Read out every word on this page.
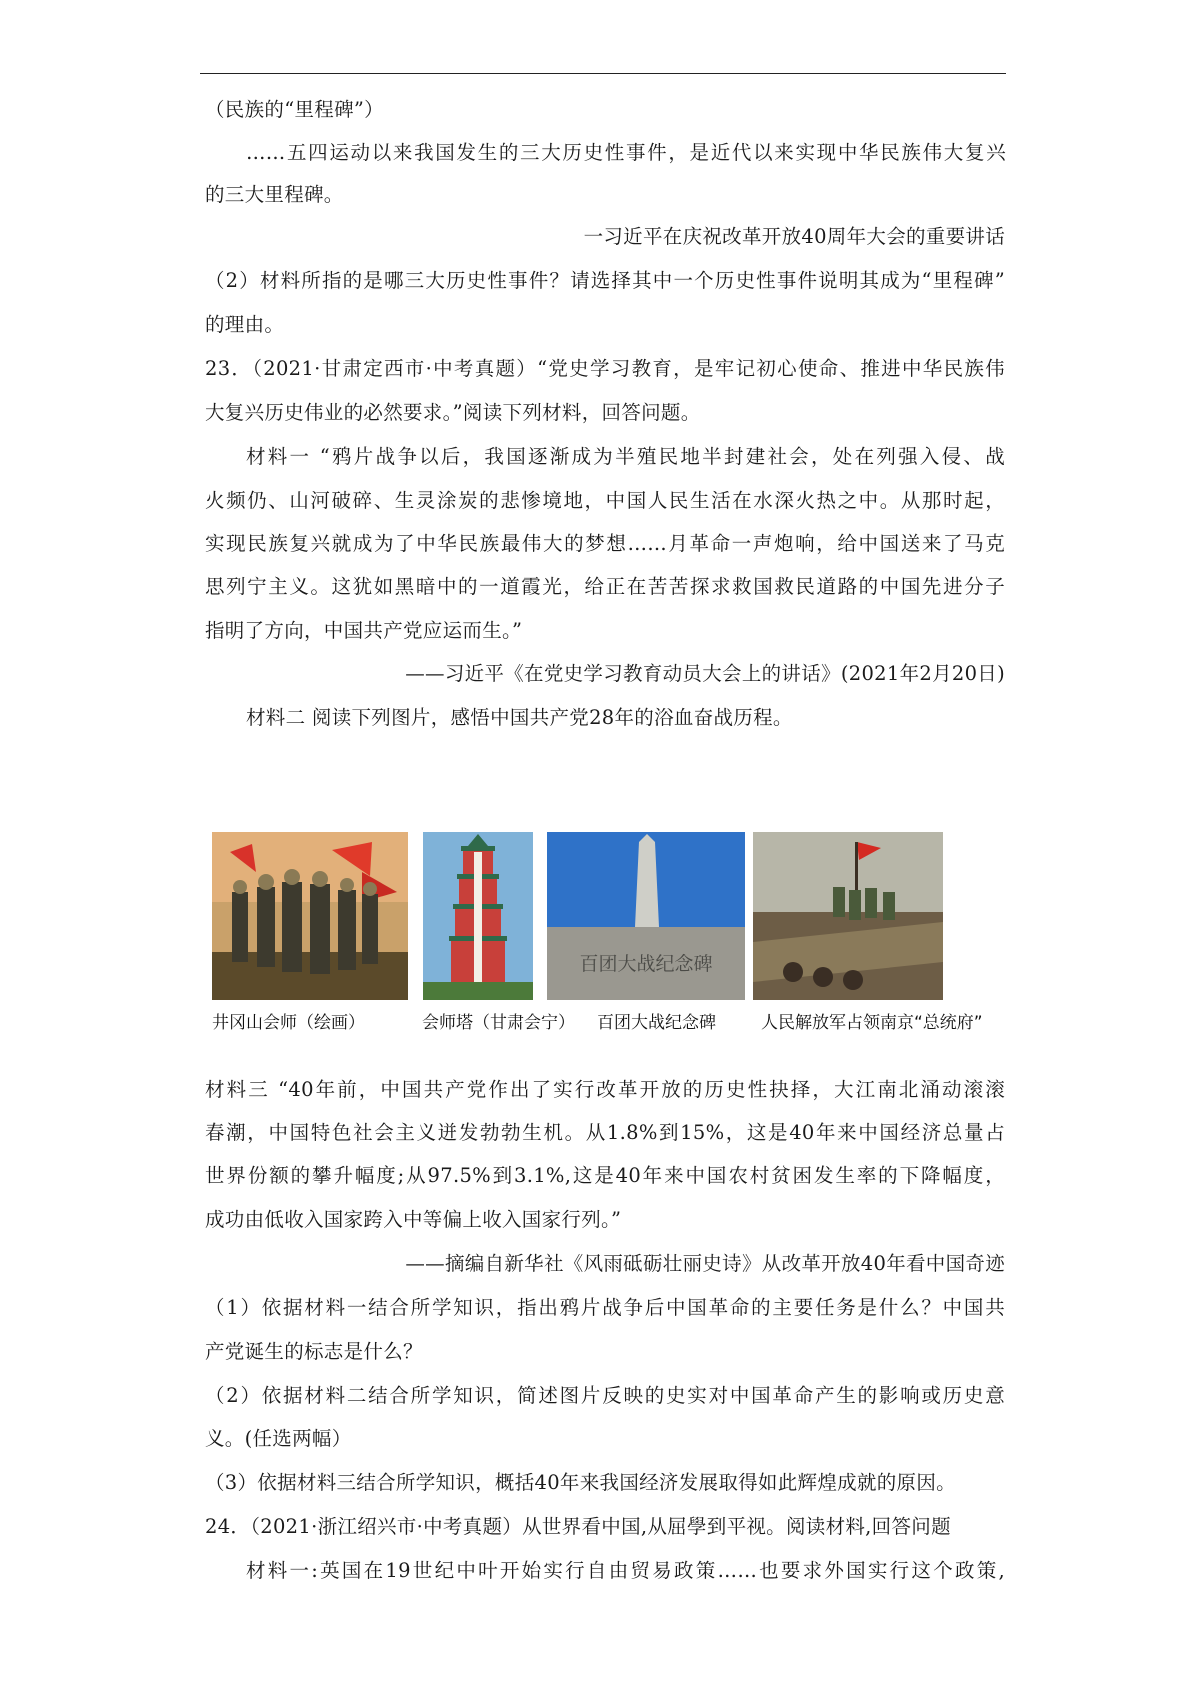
（民族的“里程碑”）
……五四运动以来我国发生的三大历史性事件，是近代以来实现中华民族伟大复兴
的三大里程碑。
一习近平在庆祝改革开放40周年大会的重要讲话
（2）材料所指的是哪三大历史性事件？请选择其中一个历史性事件说明其成为“里程碑”
的理由。
23．（2021·甘肃定西市·中考真题）“党史学习教育，是牢记初心使命、推进中华民族伟
大复兴历史伟业的必然要求。”阅读下列材料，回答问题。
材料一 “鸦片战争以后，我国逐渐成为半殖民地半封建社会，处在列强入侵、战
火频仍、山河破碎、生灵涂炭的悲惨境地，中国人民生活在水深火热之中。从那时起，
实现民族复兴就成为了中华民族最伟大的梦想……月革命一声炮响，给中国送来了马克
思列宁主义。这犹如黑暗中的一道霞光，给正在苦苦探求救国救民道路的中国先进分子
指明了方向，中国共产党应运而生。”
——习近平《在党史学习教育动员大会上的讲话》(2021年2月20日)
材料二 阅读下列图片，感悟中国共产党28年的浴血奋战历程。
百团大战纪念碑
井冈山会师（绘画）	会师塔（甘肃会宁） 百团大战纪念碑	人民解放军占领南京“总统府”
材料三 “40年前，中国共产党作出了实行改革开放的历史性抉择，大江南北涌动滚滚
春潮，中国特色社会主义迸发勃勃生机。从1.8%到15%，这是40年来中国经济总量占
世界份额的攀升幅度;从97.5%到3.1%,这是40年来中国农村贫困发生率的下降幅度，
成功由低收入国家跨入中等偏上收入国家行列。”
——摘编自新华社《风雨砥砺壮丽史诗》从改革开放40年看中国奇迹
（1）依据材料一结合所学知识，指出鸦片战争后中国革命的主要任务是什么？中国共
产党诞生的标志是什么？
（2）依据材料二结合所学知识，简述图片反映的史实对中国革命产生的影响或历史意
义。(任选两幅）
（3）依据材料三结合所学知识，概括40年来我国经济发展取得如此辉煌成就的原因。
24．（2021·浙江绍兴市·中考真题）从世界看中国,从屈學到平视。阅读材料,回答问题
材料一:英国在19世纪中叶开始实行自由贸易政策……也要求外国实行这个政策,
